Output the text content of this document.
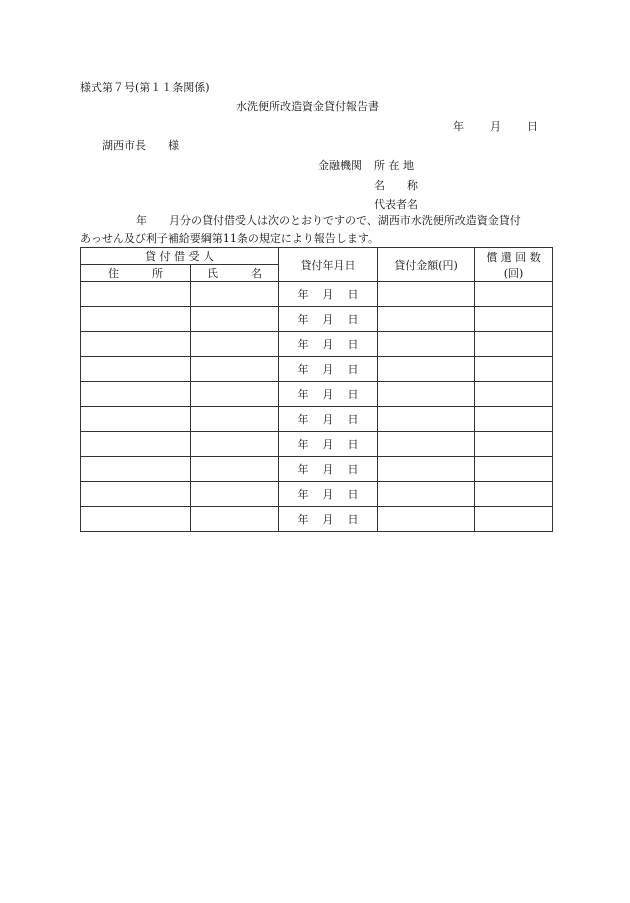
様式第７号(第１１条関係)
水洗便所改造資金貸付報告書
年 月 日
湖西市長 様
金融機関 所 在 地
名　　称
代表者名
年　　月分の貸付借受人は次のとおりですので、湖西市水洗便所改造資金貸付
あっせん及び利子補給要綱第11条の規定により報告します。
貸 付 借 受 人		貸付年月日	貸付金額(円)	償 還 回 数
(回)

住　　　所	氏　　　名			

		年 月 日		

		年 月 日		

		年 月 日		

		年 月 日		

		年 月 日		

		年 月 日		

		年 月 日		

		年 月 日		

		年 月 日		

		年 月 日		
